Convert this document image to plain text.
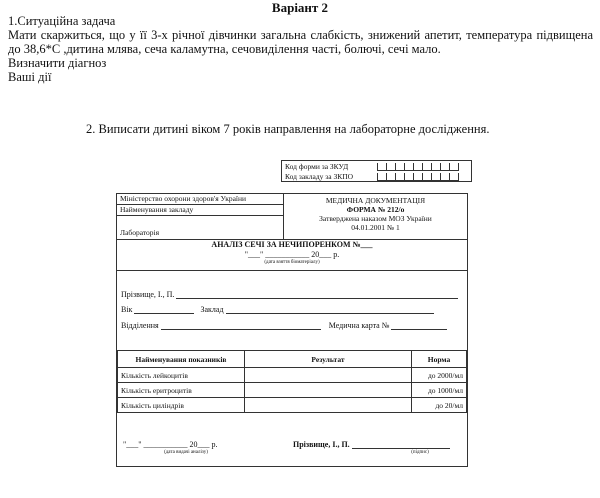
Варіант 2
1.Ситуаційна задача
Мати скаржиться, що у її 3-х річної дівчинки загальна слабкість, знижений апетит, температура підвищена до 38,6*С ,дитина млява, сеча каламутна, сечовиділення часті, болючі, сечі мало.
Визначити діагноз
Ваші дії
2. Виписати дитині віком 7 років направлення на лабораторне дослідження.
Код форми за ЗКУД
Код закладу за ЗКПО
Міністерство охорони здоров'я України
Найменування закладу
Лабораторія
МЕДИЧНА ДОКУМЕНТАЦІЯ
ФОРМА № 212/о
Затверджена наказом МОЗ України
04.01.2001 № 1
АНАЛІЗ СЕЧІ ЗА НЕЧИПОРЕНКОМ №___
"___" ___________ 20___ р.
(дата взяття біоматеріалу)
Прізвище, І., П.
Вік	Заклад
Відділення	Медична карта №
Найменування показників	Результат	Норма
Кількість лейкоцитів		до 2000/мл
Кількість еритроцитів		до 1000/мл
Кількість циліндрів		до 20/мл
"___" ___________ 20___ р.
(дата видачі аналізу)
Прізвище, І., П.
(підпис)
